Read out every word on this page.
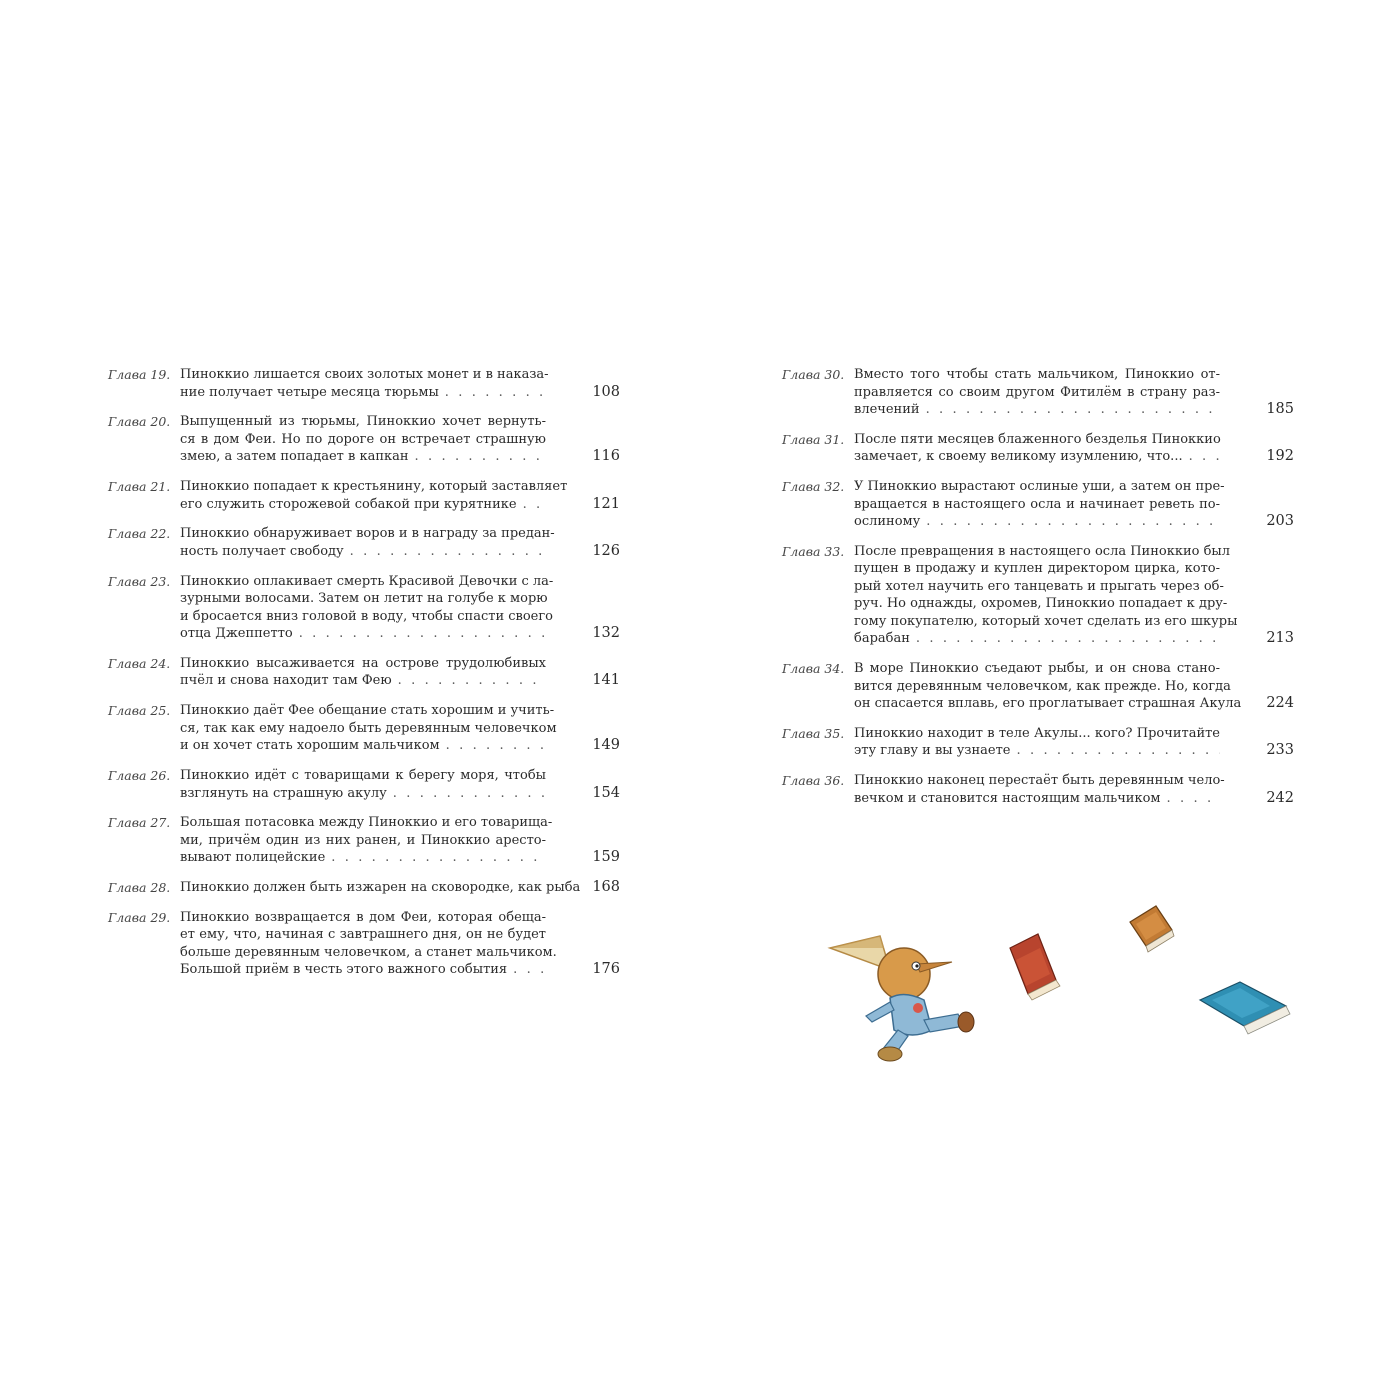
Глава 19. Пиноккио лишается своих золотых монет и в наказа-
ние получает четыре месяца тюрьмы . . .	108
Глава 20. Выпущенный из тюрьмы, Пиноккио хочет вернуть-
ся в дом Феи. Но по дороге он встречает страшную
змею, а затем попадает в капкан . . .	116
Глава 21. Пиноккио попадает к крестьянину, который заставляет
его служить сторожевой собакой при курятнике . . .	121
Глава 22. Пиноккио обнаруживает воров и в награду за предан-
ность получает свободу . . .	126
Глава 23. Пиноккио оплакивает смерть Красивой Девочки с ла-
зурными волосами. Затем он летит на голубе к морю
и бросается вниз головой в воду, чтобы спасти своего
отца Джеппетто . . .	132
Глава 24. Пиноккио высаживается на острове трудолюбивых
пчёл и снова находит там Фею . . .	141
Глава 25. Пиноккио даёт Фее обещание стать хорошим и учить-
ся, так как ему надоело быть деревянным человечком
и он хочет стать хорошим мальчиком . . .	149
Глава 26. Пиноккио идёт с товарищами к берегу моря, чтобы
взглянуть на страшную акулу . . .	154
Глава 27. Большая потасовка между Пиноккио и его товарища-
ми, причём один из них ранен, и Пиноккио аресто-
вывают полицейские . . .	159
Глава 28. Пиноккио должен быть изжарен на сковородке, как рыба 168
Глава 29. Пиноккио возвращается в дом Феи, которая обеща-
ет ему, что, начиная с завтрашнего дня, он не будет
больше деревянным человечком, а станет мальчиком.
Большой приём в честь этого важного события . . .	176
Глава 30. Вместо того чтобы стать мальчиком, Пиноккио от-
правляется со своим другом Фитилём в страну раз-
влечений . . .	185
Глава 31. После пяти месяцев блаженного безделья Пиноккио
замечает, к своему великому изумлению, что... . . .	192
Глава 32. У Пиноккио вырастают ослиные уши, а затем он пре-
вращается в настоящего осла и начинает реветь по-
ослиному . . .	203
Глава 33. После превращения в настоящего осла Пиноккио был
пущен в продажу и куплен директором цирка, кото-
рый хотел научить его танцевать и прыгать через об-
руч. Но однажды, охромев, Пиноккио попадает к дру-
гому покупателю, который хочет сделать из его шкуры
барабан . . .	213
Глава 34. В море Пиноккио съедают рыбы, и он снова стано-
вится деревянным человечком, как прежде. Но, когда
он спасается вплавь, его проглатывает страшная Акула	224
Глава 35. Пиноккио находит в теле Акулы... кого? Прочитайте
эту главу и вы узнаете . . .	233
Глава 36. Пиноккио наконец перестаёт быть деревянным чело-
вечком и становится настоящим мальчиком . . .	242
